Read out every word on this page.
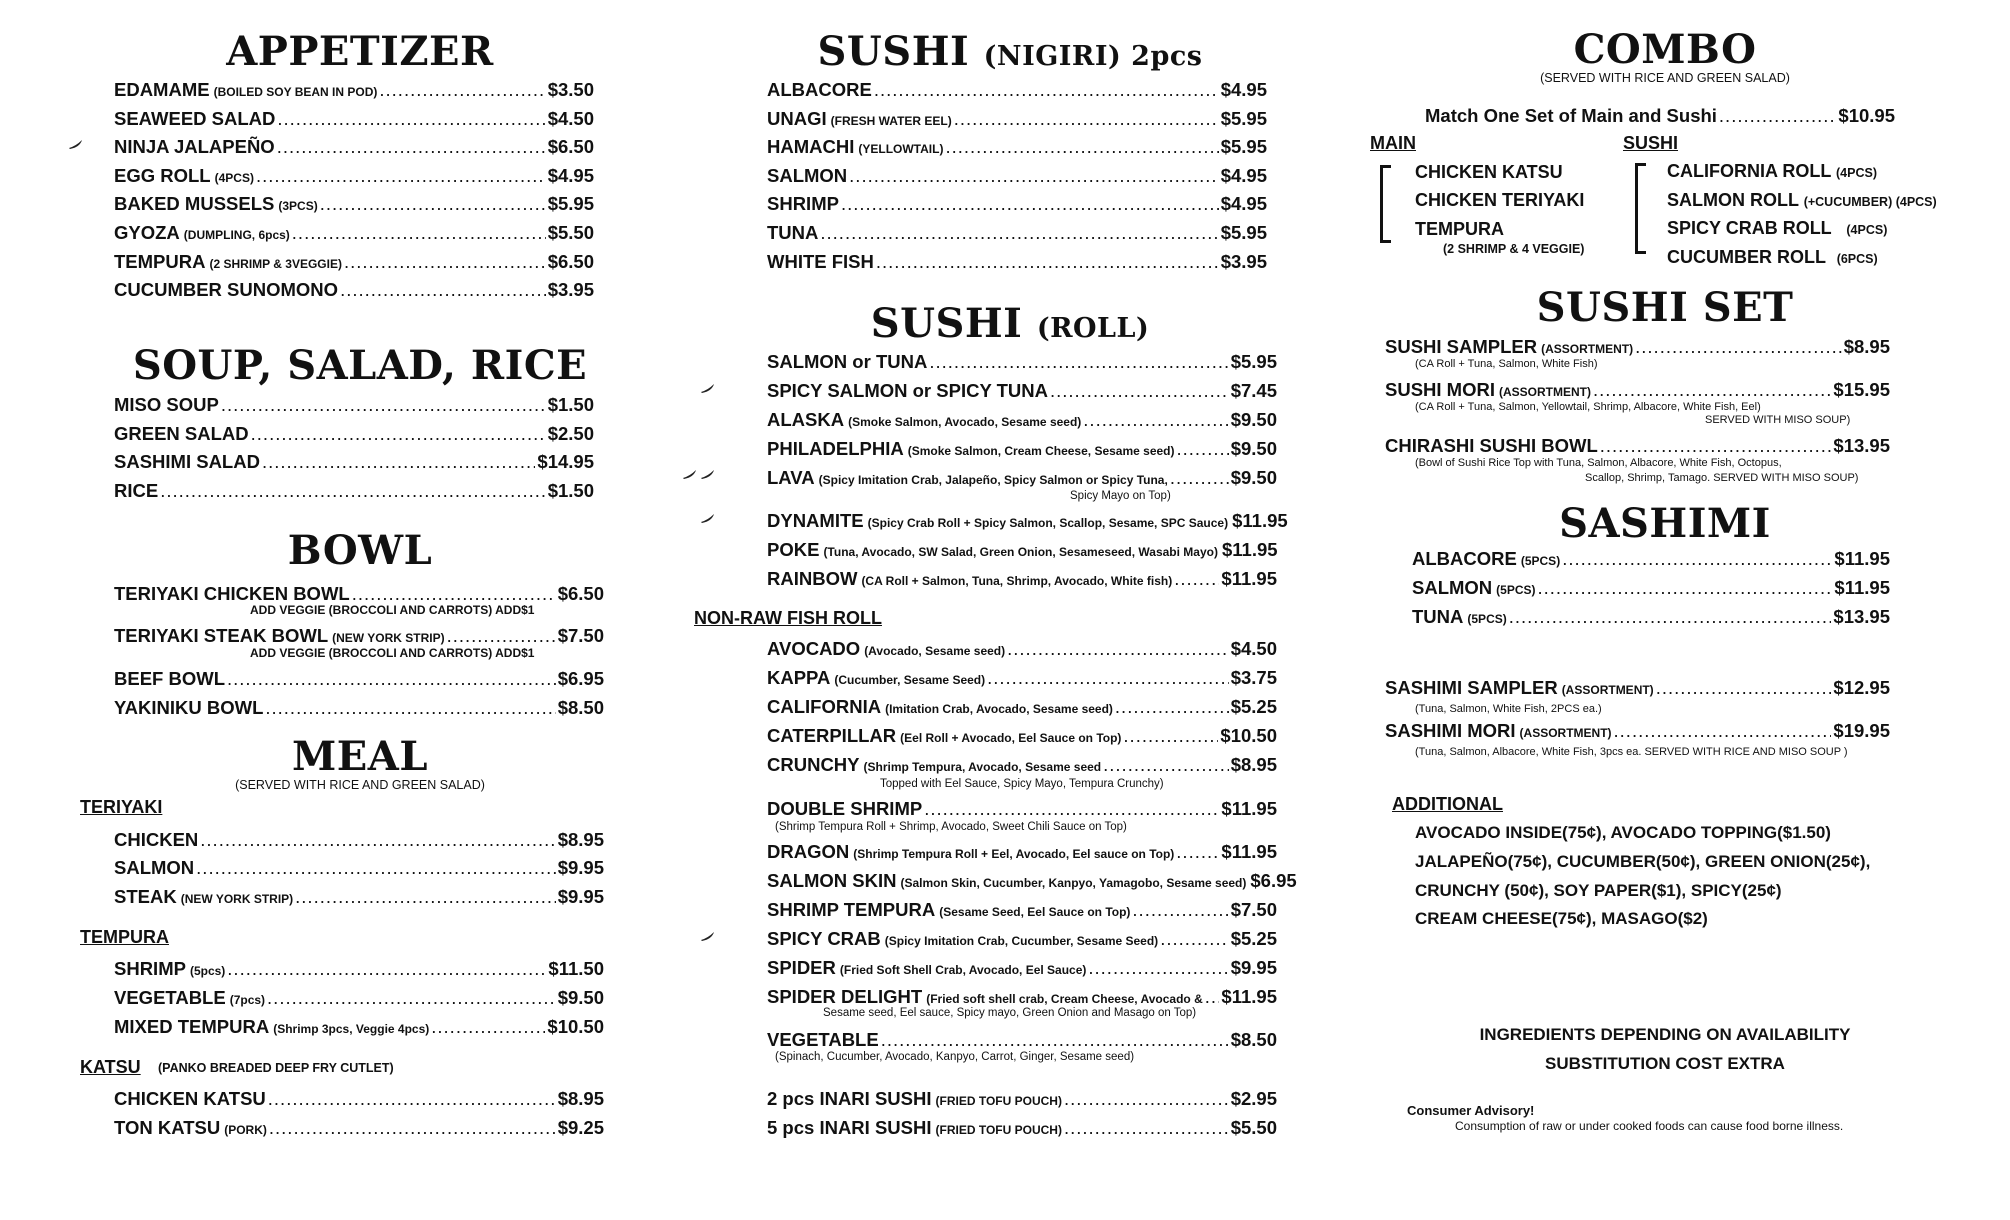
APPETIZER
EDAMAME (BOILED SOY BEAN IN POD) .....	$3.50
SEAWEED SALAD .....	$4.50
NINJA JALAPEÑO .....	$6.50
EGG ROLL (4PCS) .....	$4.95
BAKED MUSSELS (3PCS) .....	$5.95
GYOZA (DUMPLING, 6pcs) .....	$5.50
TEMPURA (2 SHRIMP & 3VEGGIE) .....	$6.50
CUCUMBER SUNOMONO .....	$3.95
SOUP, SALAD, RICE
MISO SOUP .....	$1.50
GREEN SALAD .....	$2.50
SASHIMI SALAD .....	$14.95
RICE .....	$1.50
BOWL
TERIYAKI CHICKEN BOWL .....	$6.50
TERIYAKI STEAK BOWL (NEW YORK STRIP) .....	$7.50
BEEF BOWL .....	$6.95
YAKINIKU BOWL .....	$8.50
ADD VEGGIE (BROCCOLI AND CARROTS) ADD$1
ADD VEGGIE (BROCCOLI AND CARROTS) ADD$1
MEAL
(SERVED WITH RICE AND GREEN SALAD)
TERIYAKI
CHICKEN .....	$8.95
SALMON .....	$9.95
STEAK (NEW YORK STRIP) .....	$9.95
TEMPURA
SHRIMP (5pcs) .....	$11.50
VEGETABLE (7pcs) .....	$9.50
MIXED TEMPURA (Shrimp 3pcs, Veggie 4pcs) .....	$10.50
KATSU (PANKO BREADED DEEP FRY CUTLET)
CHICKEN KATSU .....	$8.95
TON KATSU (PORK) .....	$9.25
SUSHI (NIGIRI) 2pcs
ALBACORE .....	$4.95
UNAGI (FRESH WATER EEL) .....	$5.95
HAMACHI (YELLOWTAIL) .....	$5.95
SALMON .....	$4.95
SHRIMP .....	$4.95
TUNA .....	$5.95
WHITE FISH .....	$3.95
SUSHI (ROLL)
SALMON or TUNA .....	$5.95
SPICY SALMON or SPICY TUNA .....	$7.45
ALASKA (Smoke Salmon, Avocado, Sesame seed) .....	$9.50
PHILADELPHIA (Smoke Salmon, Cream Cheese, Sesame seed) .....	$9.50
LAVA (Spicy Imitation Crab, Jalapeño, Spicy Salmon or Spicy Tuna, .....	$9.50
DYNAMITE (Spicy Crab Roll + Spicy Salmon, Scallop, Sesame, SPC Sauce) $11.95
POKE (Tuna, Avocado, SW Salad, Green Onion, Sesameseed, Wasabi Mayo) $11.95
RAINBOW (CA Roll + Salmon, Tuna, Shrimp, Avocado, White fish) .....	$11.95
Spicy Mayo on Top)
NON-RAW FISH ROLL
AVOCADO (Avocado, Sesame seed) .....	$4.50
KAPPA (Cucumber, Sesame Seed) .....	$3.75
CALIFORNIA (Imitation Crab, Avocado, Sesame seed) .....	$5.25
CATERPILLAR (Eel Roll + Avocado, Eel Sauce on Top) .....	$10.50
CRUNCHY (Shrimp Tempura, Avocado, Sesame seed .....	$8.95
DOUBLE SHRIMP .....	$11.95
DRAGON (Shrimp Tempura Roll + Eel, Avocado, Eel sauce on Top) .....	$11.95
SALMON SKIN (Salmon Skin, Cucumber, Kanpyo, Yamagobo, Sesame seed) $6.95
SHRIMP TEMPURA (Sesame Seed, Eel Sauce on Top) .....	$7.50
SPICY CRAB (Spicy Imitation Crab, Cucumber, Sesame Seed) .....	$5.25
SPIDER (Fried Soft Shell Crab, Avocado, Eel Sauce) .....	$9.95
SPIDER DELIGHT (Fried soft shell crab, Cream Cheese, Avocado & ..... $11.95
VEGETABLE .....	$8.50
Topped with Eel Sauce, Spicy Mayo, Tempura Crunchy)
(Shrimp Tempura Roll + Shrimp, Avocado, Sweet Chili Sauce on Top)
Sesame seed, Eel sauce, Spicy mayo, Green Onion and Masago on Top)
(Spinach, Cucumber, Avocado, Kanpyo, Carrot, Ginger, Sesame seed)
2 pcs INARI SUSHI (FRIED TOFU POUCH) .....	$2.95
5 pcs INARI SUSHI (FRIED TOFU POUCH) .....	$5.50
COMBO
(SERVED WITH RICE AND GREEN SALAD)
Match One Set of Main and Sushi .....	$10.95
MAIN	SUSHI
CHICKEN KATSU
CHICKEN TERIYAKI
TEMPURA
(2 SHRIMP & 4 VEGGIE)
CALIFORNIA ROLL (4PCS)
SALMON ROLL (+CUCUMBER) (4PCS)
SPICY CRAB ROLL (4PCS)
CUCUMBER ROLL (6PCS)
SUSHI SET
SUSHI SAMPLER (ASSORTMENT) .....	$8.95
SUSHI MORI (ASSORTMENT) .....	$15.95
CHIRASHI SUSHI BOWL .....	$13.95
(CA Roll + Tuna, Salmon, White Fish)
(CA Roll + Tuna, Salmon, Yellowtail, Shrimp, Albacore, White Fish, Eel)
SERVED WITH MISO SOUP)
(Bowl of Sushi Rice Top with Tuna, Salmon, Albacore, White Fish, Octopus,
Scallop, Shrimp, Tamago. SERVED WITH MISO SOUP)
SASHIMI
ALBACORE (5PCS) .....	$11.95
SALMON (5PCS) .....	$11.95
TUNA (5PCS) .....	$13.95
SASHIMI SAMPLER (ASSORTMENT) .....	$12.95
(Tuna, Salmon, White Fish, 2PCS ea.)
SASHIMI MORI (ASSORTMENT) .....	$19.95
(Tuna, Salmon, Albacore, White Fish, 3pcs ea. SERVED WITH RICE AND MISO SOUP )
ADDITIONAL
AVOCADO INSIDE(75¢), AVOCADO TOPPING($1.50)
JALAPEÑO(75¢), CUCUMBER(50¢), GREEN ONION(25¢),
CRUNCHY (50¢), SOY PAPER($1), SPICY(25¢)
CREAM CHEESE(75¢), MASAGO($2)
INGREDIENTS DEPENDING ON AVAILABILITY
SUBSTITUTION COST EXTRA
Consumer Advisory!
Consumption of raw or under cooked foods can cause food borne illness.
